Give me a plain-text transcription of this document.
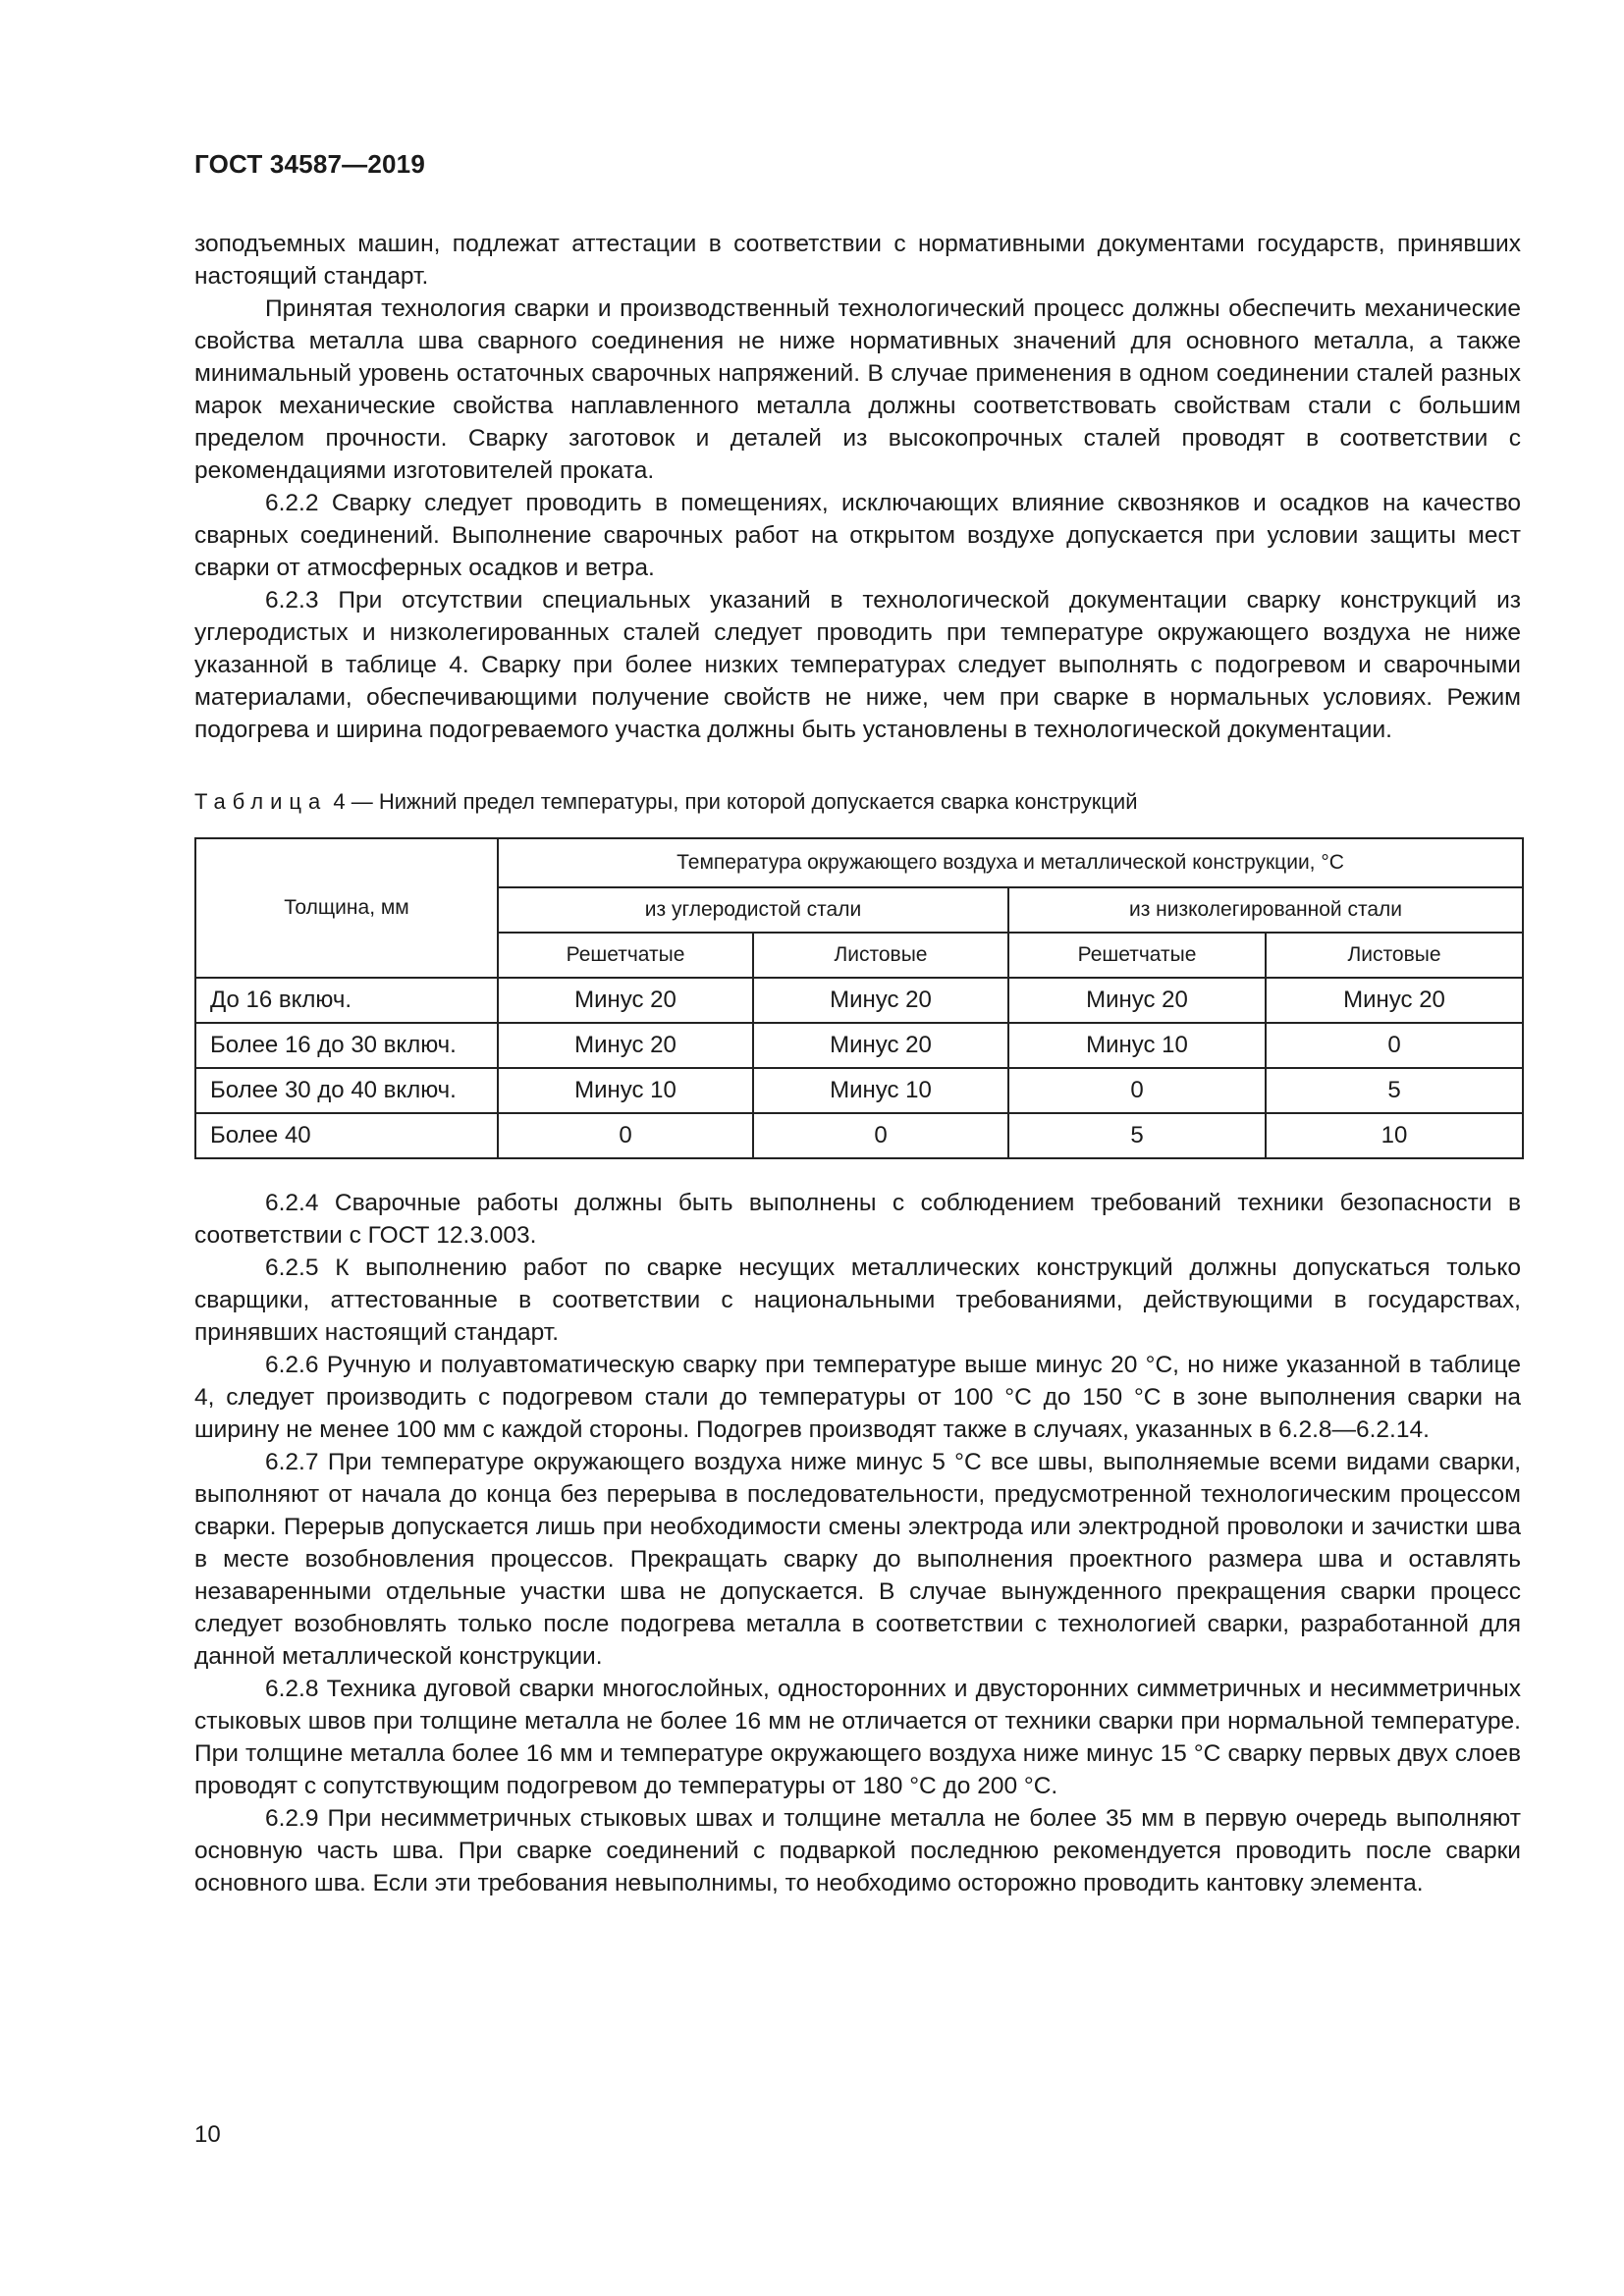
ГОСТ 34587—2019

зоподъемных машин, подлежат аттестации в соответствии с нормативными документами государств, принявших настоящий стандарт.

Принятая технология сварки и производственный технологический процесс должны обеспечить механические свойства металла шва сварного соединения не ниже нормативных значений для основного металла, а также минимальный уровень остаточных сварочных напряжений. В случае применения в одном соединении сталей разных марок механические свойства наплавленного металла должны соответствовать свойствам стали с большим пределом прочности. Сварку заготовок и деталей из высокопрочных сталей проводят в соответствии с рекомендациями изготовителей проката.

6.2.2 Сварку следует проводить в помещениях, исключающих влияние сквозняков и осадков на качество сварных соединений. Выполнение сварочных работ на открытом воздухе допускается при условии защиты мест сварки от атмосферных осадков и ветра.

6.2.3 При отсутствии специальных указаний в технологической документации сварку конструкций из углеродистых и низколегированных сталей следует проводить при температуре окружающего воздуха не ниже указанной в таблице 4. Сварку при более низких температурах следует выполнять с подогревом и сварочными материалами, обеспечивающими получение свойств не ниже, чем при сварке в нормальных условиях. Режим подогрева и ширина подогреваемого участка должны быть установлены в технологической документации.

Таблица 4 — Нижний предел температуры, при которой допускается сварка конструкций
Толщина, мм	Температура окружающего воздуха и металлической конструкции, °С			
	из углеродистой стали		из низколегированной стали	
	Решетчатые	Листовые	Решетчатые	Листовые
До 16 включ.	Минус 20	Минус 20	Минус 20	Минус 20
Более 16 до 30 включ.	Минус 20	Минус 20	Минус 10	0
Более 30 до 40 включ.	Минус 10	Минус 10	0	5
Более 40	0	0	5	10

6.2.4 Сварочные работы должны быть выполнены с соблюдением требований техники безопасности в соответствии с ГОСТ 12.3.003.

6.2.5 К выполнению работ по сварке несущих металлических конструкций должны допускаться только сварщики, аттестованные в соответствии с национальными требованиями, действующими в государствах, принявших настоящий стандарт.

6.2.6 Ручную и полуавтоматическую сварку при температуре выше минус 20 °С, но ниже указанной в таблице 4, следует производить с подогревом стали до температуры от 100 °С до 150 °С в зоне выполнения сварки на ширину не менее 100 мм с каждой стороны. Подогрев производят также в случаях, указанных в 6.2.8—6.2.14.

6.2.7 При температуре окружающего воздуха ниже минус 5 °С все швы, выполняемые всеми видами сварки, выполняют от начала до конца без перерыва в последовательности, предусмотренной технологическим процессом сварки. Перерыв допускается лишь при необходимости смены электрода или электродной проволоки и зачистки шва в месте возобновления процессов. Прекращать сварку до выполнения проектного размера шва и оставлять незаваренными отдельные участки шва не допускается. В случае вынужденного прекращения сварки процесс следует возобновлять только после подогрева металла в соответствии с технологией сварки, разработанной для данной металлической конструкции.

6.2.8 Техника дуговой сварки многослойных, односторонних и двусторонних симметричных и несимметричных стыковых швов при толщине металла не более 16 мм не отличается от техники сварки при нормальной температуре. При толщине металла более 16 мм и температуре окружающего воздуха ниже минус 15 °С сварку первых двух слоев проводят с сопутствующим подогревом до температуры от 180 °С до 200 °С.

6.2.9 При несимметричных стыковых швах и толщине металла не более 35 мм в первую очередь выполняют основную часть шва. При сварке соединений с подваркой последнюю рекомендуется проводить после сварки основного шва. Если эти требования невыполнимы, то необходимо осторожно проводить кантовку элемента.

10
